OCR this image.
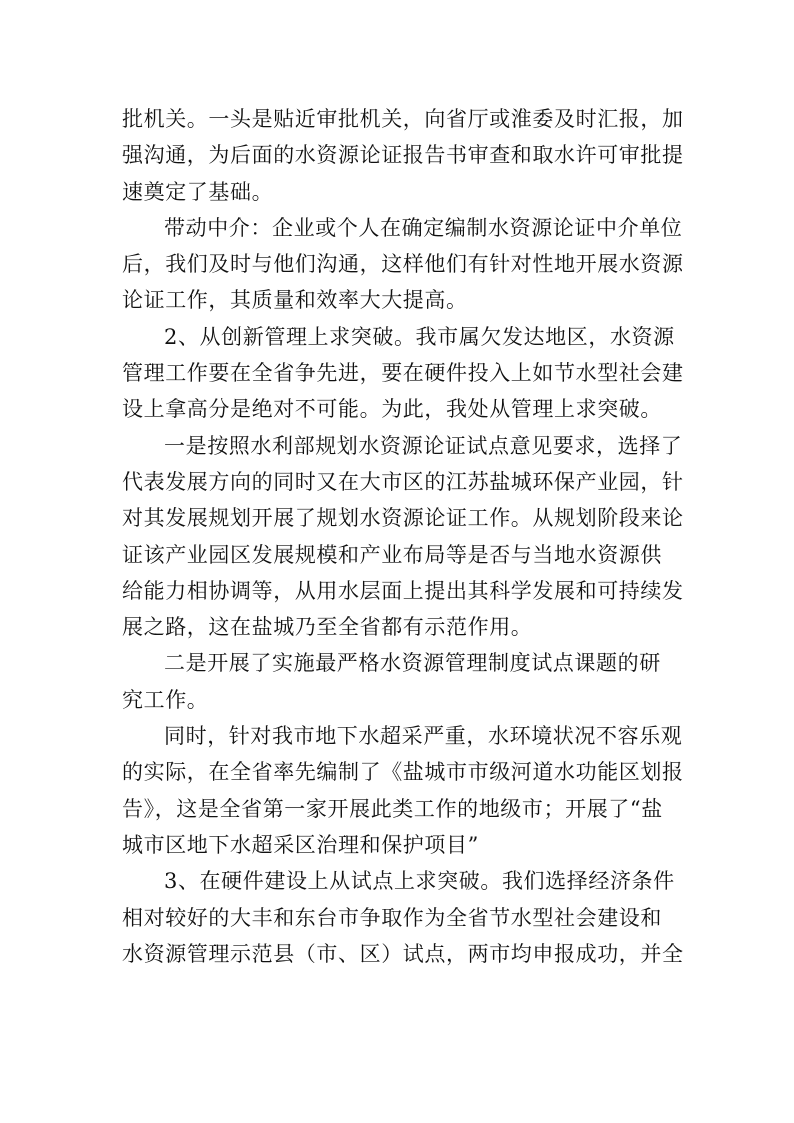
批机关。一头是贴近审批机关，向省厅或淮委及时汇报，加
强沟通，为后面的水资源论证报告书审查和取水许可审批提
速奠定了基础。

带动中介：企业或个人在确定编制水资源论证中介单位
后，我们及时与他们沟通，这样他们有针对性地开展水资源
论证工作，其质量和效率大大提高。

2、从创新管理上求突破。我市属欠发达地区，水资源
管理工作要在全省争先进，要在硬件投入上如节水型社会建
设上拿高分是绝对不可能。为此，我处从管理上求突破。

一是按照水利部规划水资源论证试点意见要求，选择了
代表发展方向的同时又在大市区的江苏盐城环保产业园，针
对其发展规划开展了规划水资源论证工作。从规划阶段来论
证该产业园区发展规模和产业布局等是否与当地水资源供
给能力相协调等，从用水层面上提出其科学发展和可持续发
展之路，这在盐城乃至全省都有示范作用。

二是开展了实施最严格水资源管理制度试点课题的研
究工作。

同时，针对我市地下水超采严重，水环境状况不容乐观
的实际，在全省率先编制了《盐城市市级河道水功能区划报
告》，这是全省第一家开展此类工作的地级市；开展了“盐
城市区地下水超采区治理和保护项目”

3、在硬件建设上从试点上求突破。我们选择经济条件
相对较好的大丰和东台市争取作为全省节水型社会建设和
水资源管理示范县（市、区）试点，两市均申报成功，并全
